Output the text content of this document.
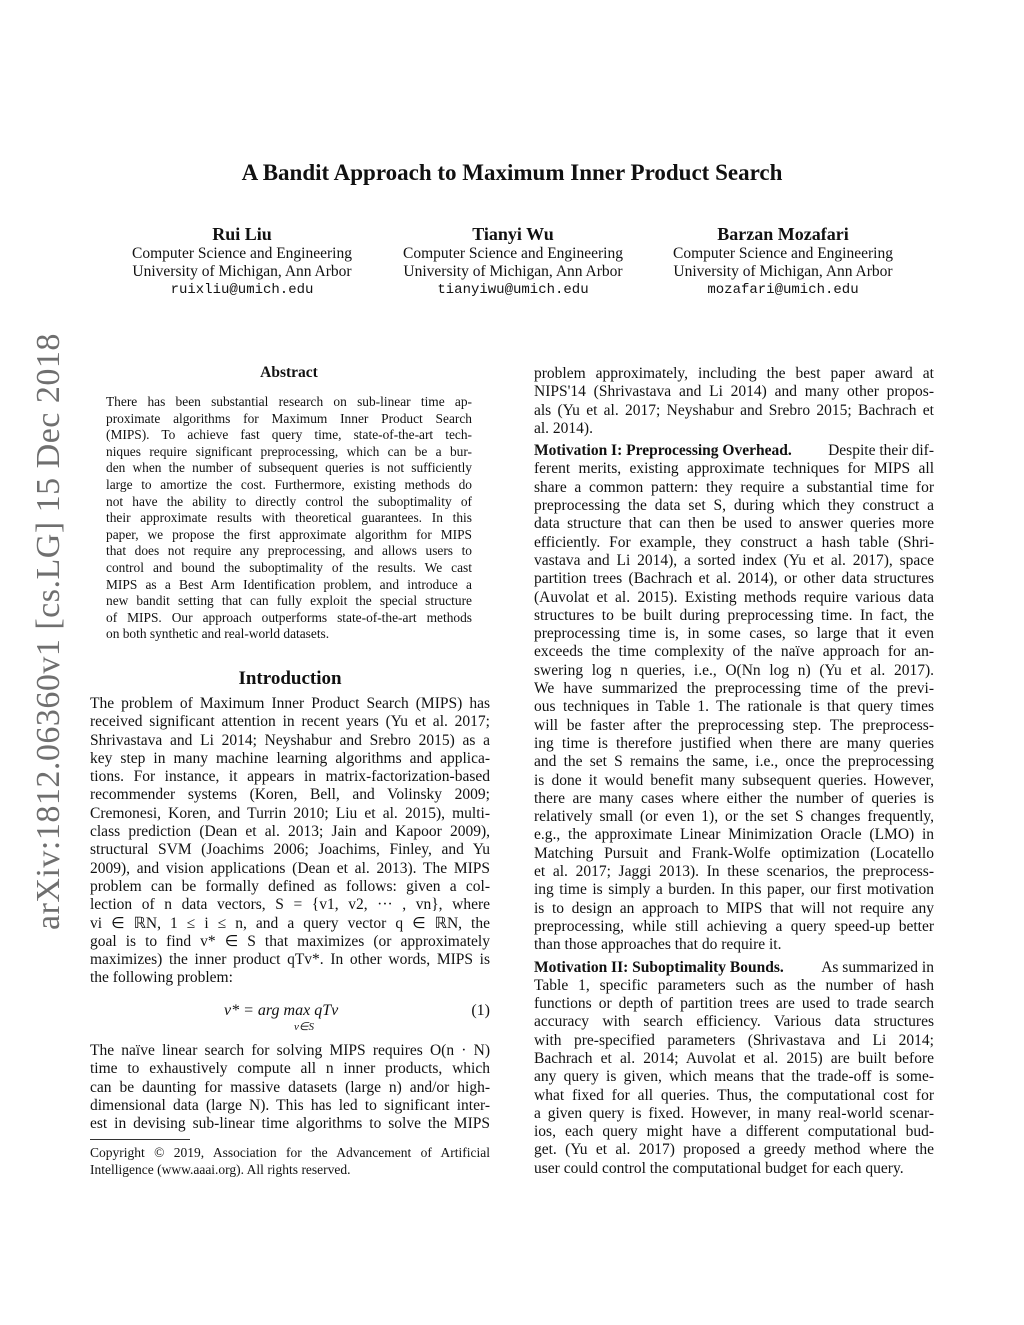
arXiv:1812.06360v1 [cs.LG] 15 Dec 2018
A Bandit Approach to Maximum Inner Product Search
Rui Liu
Computer Science and Engineering
University of Michigan, Ann Arbor
ruixliu@umich.edu
Tianyi Wu
Computer Science and Engineering
University of Michigan, Ann Arbor
tianyiwu@umich.edu
Barzan Mozafari
Computer Science and Engineering
University of Michigan, Ann Arbor
mozafari@umich.edu
Abstract
There has been substantial research on sub-linear time ap-
proximate algorithms for Maximum Inner Product Search
(MIPS). To achieve fast query time, state-of-the-art tech-
niques require significant preprocessing, which can be a bur-
den when the number of subsequent queries is not sufficiently
large to amortize the cost. Furthermore, existing methods do
not have the ability to directly control the suboptimality of
their approximate results with theoretical guarantees. In this
paper, we propose the first approximate algorithm for MIPS
that does not require any preprocessing, and allows users to
control and bound the suboptimality of the results. We cast
MIPS as a Best Arm Identification problem, and introduce a
new bandit setting that can fully exploit the special structure
of MIPS. Our approach outperforms state-of-the-art methods
on both synthetic and real-world datasets.
Introduction
The problem of Maximum Inner Product Search (MIPS) has
received significant attention in recent years (Yu et al. 2017;
Shrivastava and Li 2014; Neyshabur and Srebro 2015) as a
key step in many machine learning algorithms and applica-
tions. For instance, it appears in matrix-factorization-based
recommender systems (Koren, Bell, and Volinsky 2009;
Cremonesi, Koren, and Turrin 2010; Liu et al. 2015), multi-
class prediction (Dean et al. 2013; Jain and Kapoor 2009),
structural SVM (Joachims 2006; Joachims, Finley, and Yu
2009), and vision applications (Dean et al. 2013). The MIPS
problem can be formally defined as follows: given a col-
lection of n data vectors, S = {v1, v2, ··· , vn}, where
vi ∈ ℝN, 1 ≤ i ≤ n, and a query vector q ∈ ℝN, the
goal is to find v* ∈ S that maximizes (or approximately
maximizes) the inner product qTv*. In other words, MIPS is
the following problem:
v* = arg max qTv
v∈S
(1)
The naïve linear search for solving MIPS requires O(n · N)
time to exhaustively compute all n inner products, which
can be daunting for massive datasets (large n) and/or high-
dimensional data (large N). This has led to significant inter-
est in devising sub-linear time algorithms to solve the MIPS
Copyright © 2019, Association for the Advancement of Artificial
Intelligence (www.aaai.org). All rights reserved.
problem approximately, including the best paper award at
NIPS'14 (Shrivastava and Li 2014) and many other propos-
als (Yu et al. 2017; Neyshabur and Srebro 2015; Bachrach et
al. 2014).
Motivation I: Preprocessing Overhead. Despite their dif-
ferent merits, existing approximate techniques for MIPS all
share a common pattern: they require a substantial time for
preprocessing the data set S, during which they construct a
data structure that can then be used to answer queries more
efficiently. For example, they construct a hash table (Shri-
vastava and Li 2014), a sorted index (Yu et al. 2017), space
partition trees (Bachrach et al. 2014), or other data structures
(Auvolat et al. 2015). Existing methods require various data
structures to be built during preprocessing time. In fact, the
preprocessing time is, in some cases, so large that it even
exceeds the time complexity of the naïve approach for an-
swering log n queries, i.e., O(Nn log n) (Yu et al. 2017).
We have summarized the preprocessing time of the previ-
ous techniques in Table 1. The rationale is that query times
will be faster after the preprocessing step. The preprocess-
ing time is therefore justified when there are many queries
and the set S remains the same, i.e., once the preprocessing
is done it would benefit many subsequent queries. However,
there are many cases where either the number of queries is
relatively small (or even 1), or the set S changes frequently,
e.g., the approximate Linear Minimization Oracle (LMO) in
Matching Pursuit and Frank-Wolfe optimization (Locatello
et al. 2017; Jaggi 2013). In these scenarios, the preprocess-
ing time is simply a burden. In this paper, our first motivation
is to design an approach to MIPS that will not require any
preprocessing, while still achieving a query speed-up better
than those approaches that do require it.
Motivation II: Suboptimality Bounds. As summarized in
Table 1, specific parameters such as the number of hash
functions or depth of partition trees are used to trade search
accuracy with search efficiency. Various data structures
with pre-specified parameters (Shrivastava and Li 2014;
Bachrach et al. 2014; Auvolat et al. 2015) are built before
any query is given, which means that the trade-off is some-
what fixed for all queries. Thus, the computational cost for
a given query is fixed. However, in many real-world scenar-
ios, each query might have a different computational bud-
get. (Yu et al. 2017) proposed a greedy method where the
user could control the computational budget for each query.
